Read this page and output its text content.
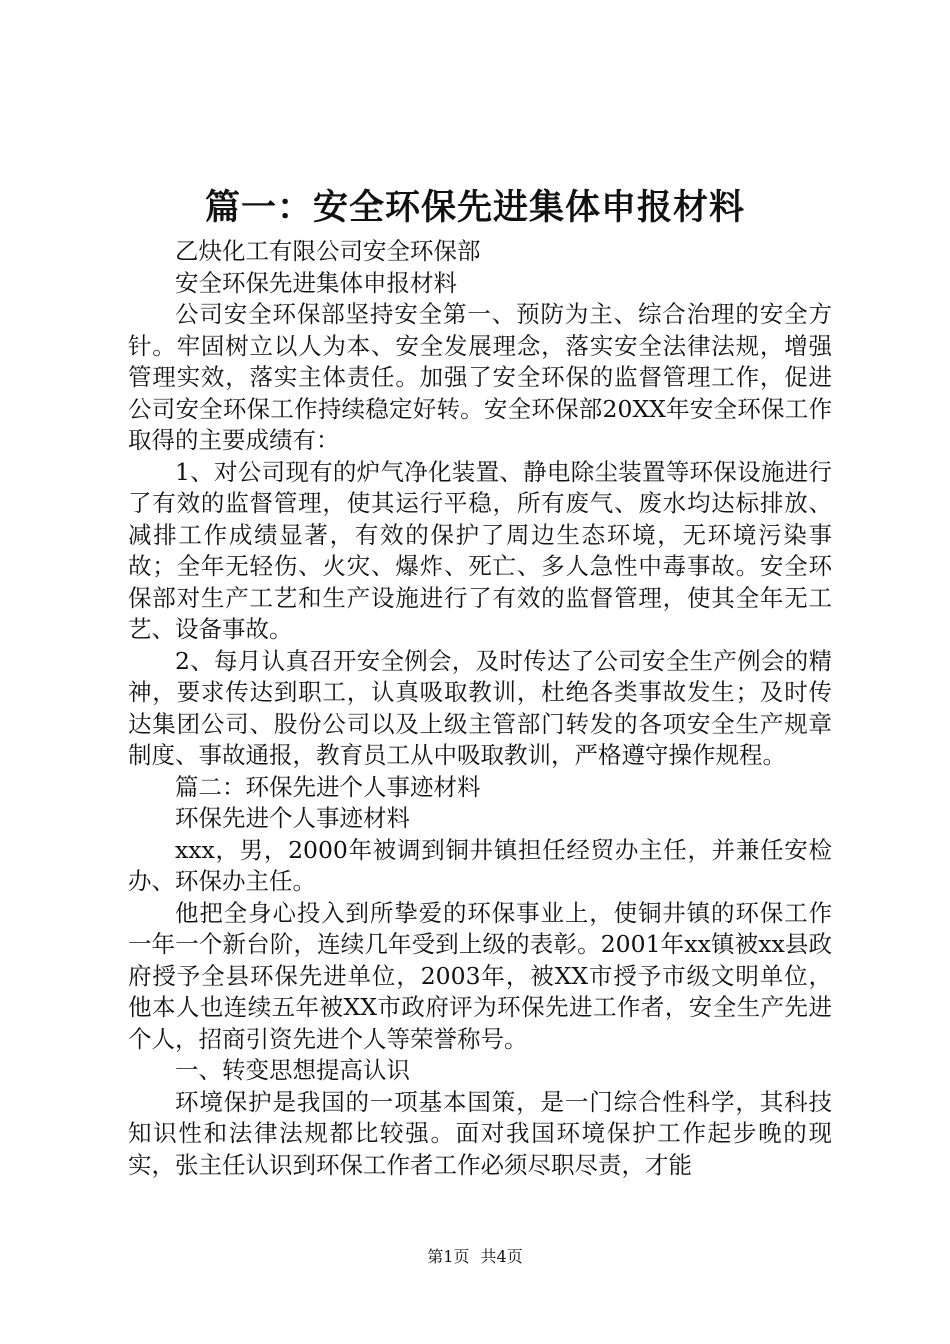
篇一：安全环保先进集体申报材料

乙炔化工有限公司安全环保部

安全环保先进集体申报材料

公司安全环保部坚持安全第一、预防为主、综合治理的安全方针。牢固树立以人为本、安全发展理念，落实安全法律法规，增强管理实效，落实主体责任。加强了安全环保的监督管理工作，促进公司安全环保工作持续稳定好转。安全环保部20XX年安全环保工作取得的主要成绩有：

1、对公司现有的炉气净化装置、静电除尘装置等环保设施进行了有效的监督管理，使其运行平稳，所有废气、废水均达标排放、减排工作成绩显著，有效的保护了周边生态环境，无环境污染事故；全年无轻伤、火灾、爆炸、死亡、多人急性中毒事故。安全环保部对生产工艺和生产设施进行了有效的监督管理，使其全年无工艺、设备事故。

2、每月认真召开安全例会，及时传达了公司安全生产例会的精神，要求传达到职工，认真吸取教训，杜绝各类事故发生；及时传达集团公司、股份公司以及上级主管部门转发的各项安全生产规章制度、事故通报，教育员工从中吸取教训，严格遵守操作规程。

篇二：环保先进个人事迹材料

环保先进个人事迹材料

xxx，男，2000年被调到铜井镇担任经贸办主任，并兼任安检办、环保办主任。

他把全身心投入到所挚爱的环保事业上，使铜井镇的环保工作一年一个新台阶，连续几年受到上级的表彰。2001年xx镇被xx县政府授予全县环保先进单位，2003年，被XX市授予市级文明单位，他本人也连续五年被XX市政府评为环保先进工作者，安全生产先进个人，招商引资先进个人等荣誉称号。

一、转变思想提高认识

环境保护是我国的一项基本国策，是一门综合性科学，其科技知识性和法律法规都比较强。面对我国环境保护工作起步晚的现实，张主任认识到环保工作者工作必须尽职尽责，才能

第1页 共4页
